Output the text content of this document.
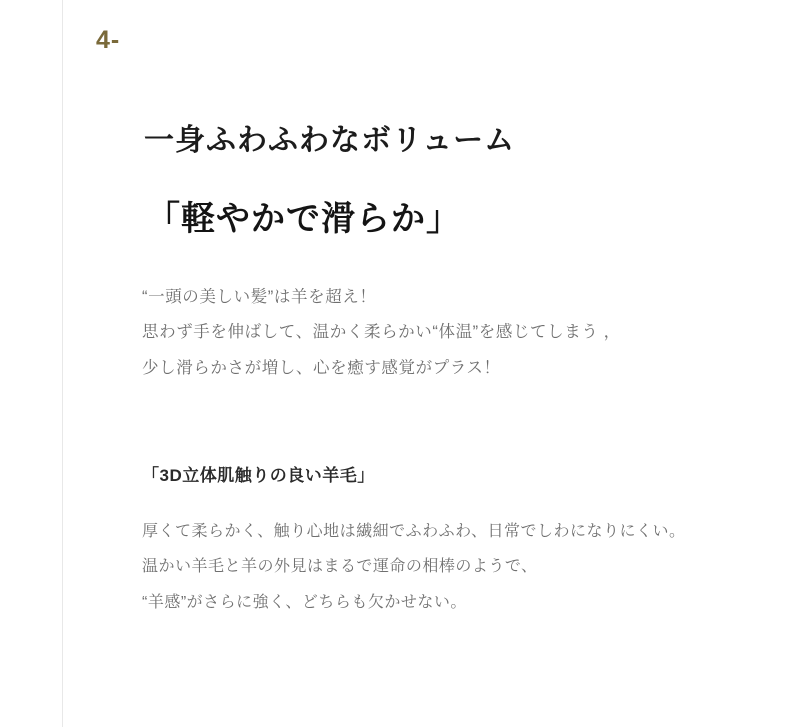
4-
一身ふわふわなボリューム
「軽やかで滑らか」
“一頭の美しい髪”は羊を超え！
思わず手を伸ばして、温かく柔らかい“体温”を感じてしまう ，
少し滑らかさが増し、心を癒す感覚がプラス！
「3D立体肌触りの良い羊毛」
厚くて柔らかく、触り心地は繊細でふわふわ、日常でしわになりにくい。
温かい羊毛と羊の外見はまるで運命の相棒のようで、
“羊感”がさらに強く、どちらも欠かせない。
